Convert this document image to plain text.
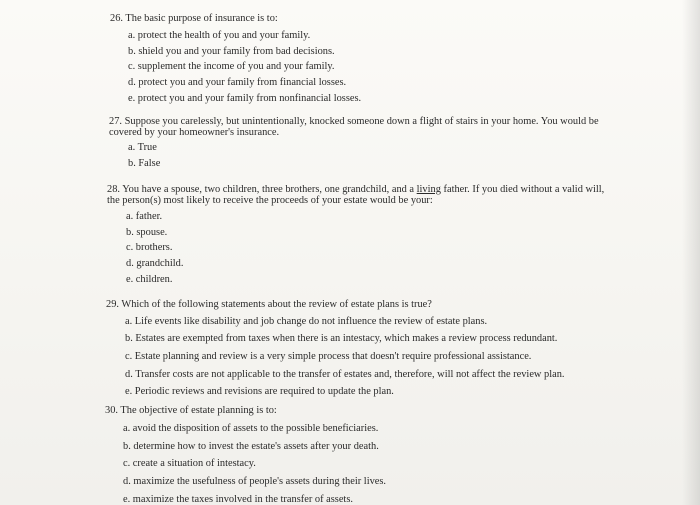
26. The basic purpose of insurance is to:

a. protect the health of you and your family.
b. shield you and your family from bad decisions.
c. supplement the income of you and your family.
d. protect you and your family from financial losses.
e. protect you and your family from nonfinancial losses.

27. Suppose you carelessly, but unintentionally, knocked someone down a flight of stairs in your home. You would be
covered by your homeowner's insurance.

a. True
b. False

28. You have a spouse, two children, three brothers, one grandchild, and a living father. If you died without a valid will,
the person(s) most likely to receive the proceeds of your estate would be your:

a. father.
b. spouse.
c. brothers.
d. grandchild.
e. children.

29. Which of the following statements about the review of estate plans is true?

a. Life events like disability and job change do not influence the review of estate plans.
b. Estates are exempted from taxes when there is an intestacy, which makes a review process redundant.
c. Estate planning and review is a very simple process that doesn't require professional assistance.
d. Transfer costs are not applicable to the transfer of estates and, therefore, will not affect the review plan.
e. Periodic reviews and revisions are required to update the plan.

30. The objective of estate planning is to:

a. avoid the disposition of assets to the possible beneficiaries.
b. determine how to invest the estate's assets after your death.
c. create a situation of intestacy.
d. maximize the usefulness of people's assets during their lives.
e. maximize the taxes involved in the transfer of assets.
